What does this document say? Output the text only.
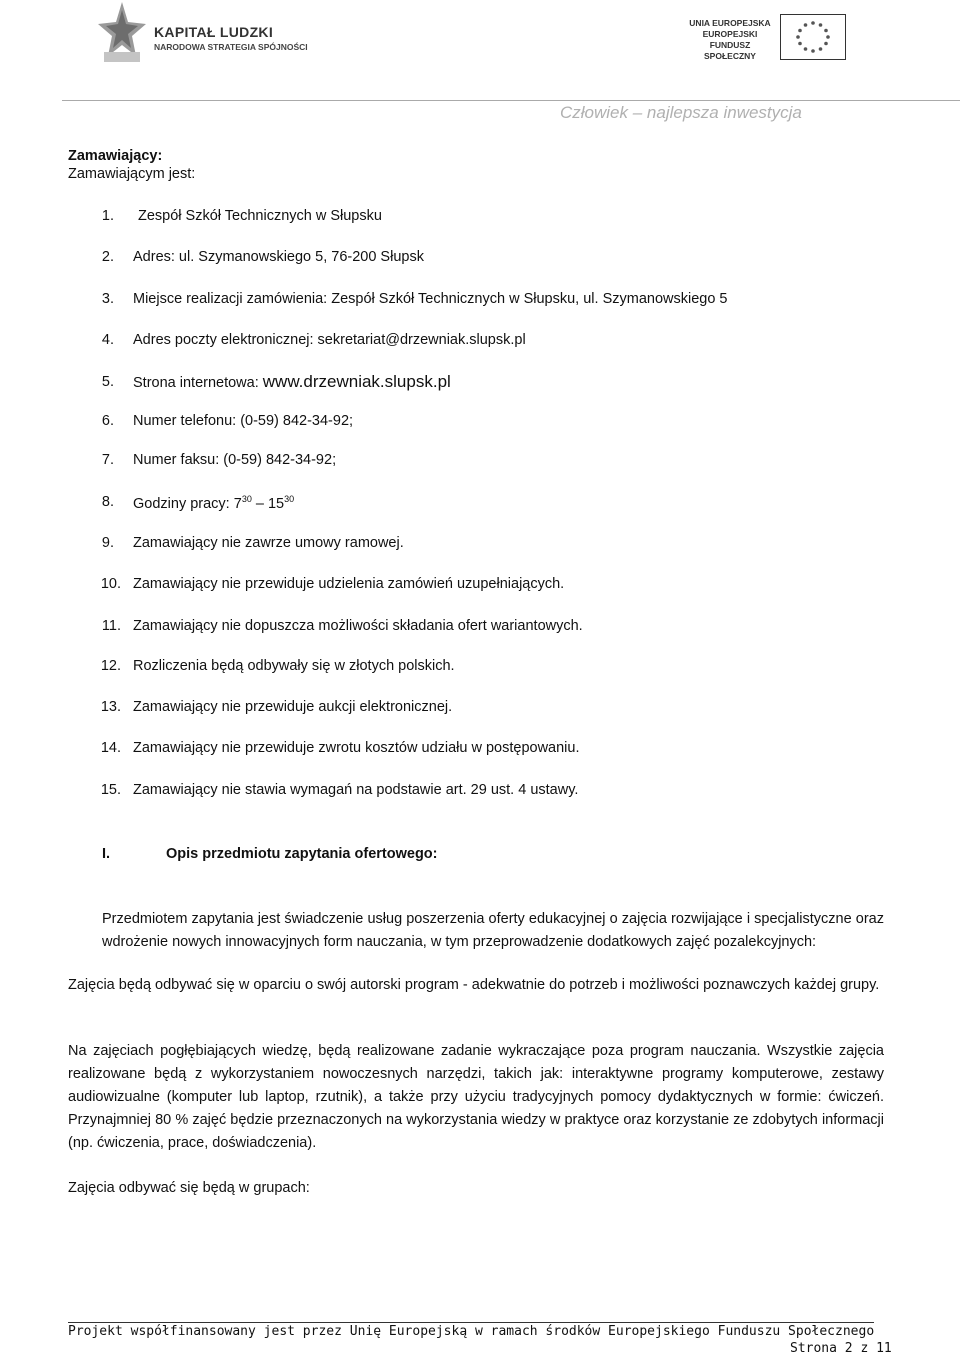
KAPITAŁ LUDZKI
NARODOWA STRATEGIA SPÓJNOŚCI
UNIA EUROPEJSKA
EUROPEJSKI
FUNDUSZ SPOŁECZNY
Człowiek – najlepsza inwestycja
Zamawiający:
Zamawiającym jest:
1. Zespół Szkół Technicznych w Słupsku
2. Adres: ul. Szymanowskiego 5, 76-200 Słupsk
3. Miejsce realizacji zamówienia: Zespół Szkół Technicznych w Słupsku, ul. Szymanowskiego 5
4. Adres poczty elektronicznej: sekretariat@drzewniak.slupsk.pl
5. Strona internetowa: www.drzewniak.slupsk.pl
6. Numer telefonu: (0-59) 842-34-92;
7. Numer faksu: (0-59) 842-34-92;
8. Godziny pracy: $7^{30} - 15^{30}$
9. Zamawiający nie zawrze umowy ramowej.
10. Zamawiający nie przewiduje udzielenia zamówień uzupełniających.
11. Zamawiający nie dopuszcza możliwości składania ofert wariantowych.
12. Rozliczenia będą odbywały się w złotych polskich.
13. Zamawiający nie przewiduje aukcji elektronicznej.
14. Zamawiający nie przewiduje zwrotu kosztów udziału w postępowaniu.
15. Zamawiający nie stawia wymagań na podstawie art. 29 ust. 4 ustawy.
I.	Opis przedmiotu zapytania ofertowego:
Przedmiotem zapytania jest świadczenie usług poszerzenia oferty edukacyjnej o zajęcia rozwijające i specjalistyczne oraz wdrożenie nowych innowacyjnych form nauczania, w tym przeprowadzenie dodatkowych zajęć pozalekcyjnych:
Zajęcia będą odbywać się w oparciu o swój autorski program - adekwatnie do potrzeb i możliwości poznawczych każdej grupy.
Na zajęciach pogłębiających wiedzę, będą realizowane zadanie wykraczające poza program nauczania. Wszystkie zajęcia realizowane będą z wykorzystaniem nowoczesnych narzędzi, takich jak: interaktywne programy komputerowe, zestawy audiowizualne (komputer lub laptop, rzutnik), a także przy użyciu tradycyjnych pomocy dydaktycznych w formie: ćwiczeń. Przynajmniej 80 % zajęć będzie przeznaczonych na wykorzystania wiedzy w praktyce oraz korzystanie ze zdobytych informacji (np. ćwiczenia, prace, doświadczenia).
Zajęcia odbywać się będą w grupach:
Projekt współfinansowany jest przez Unię Europejską w ramach środków Europejskiego Funduszu Społecznego
Strona 2 z 11
